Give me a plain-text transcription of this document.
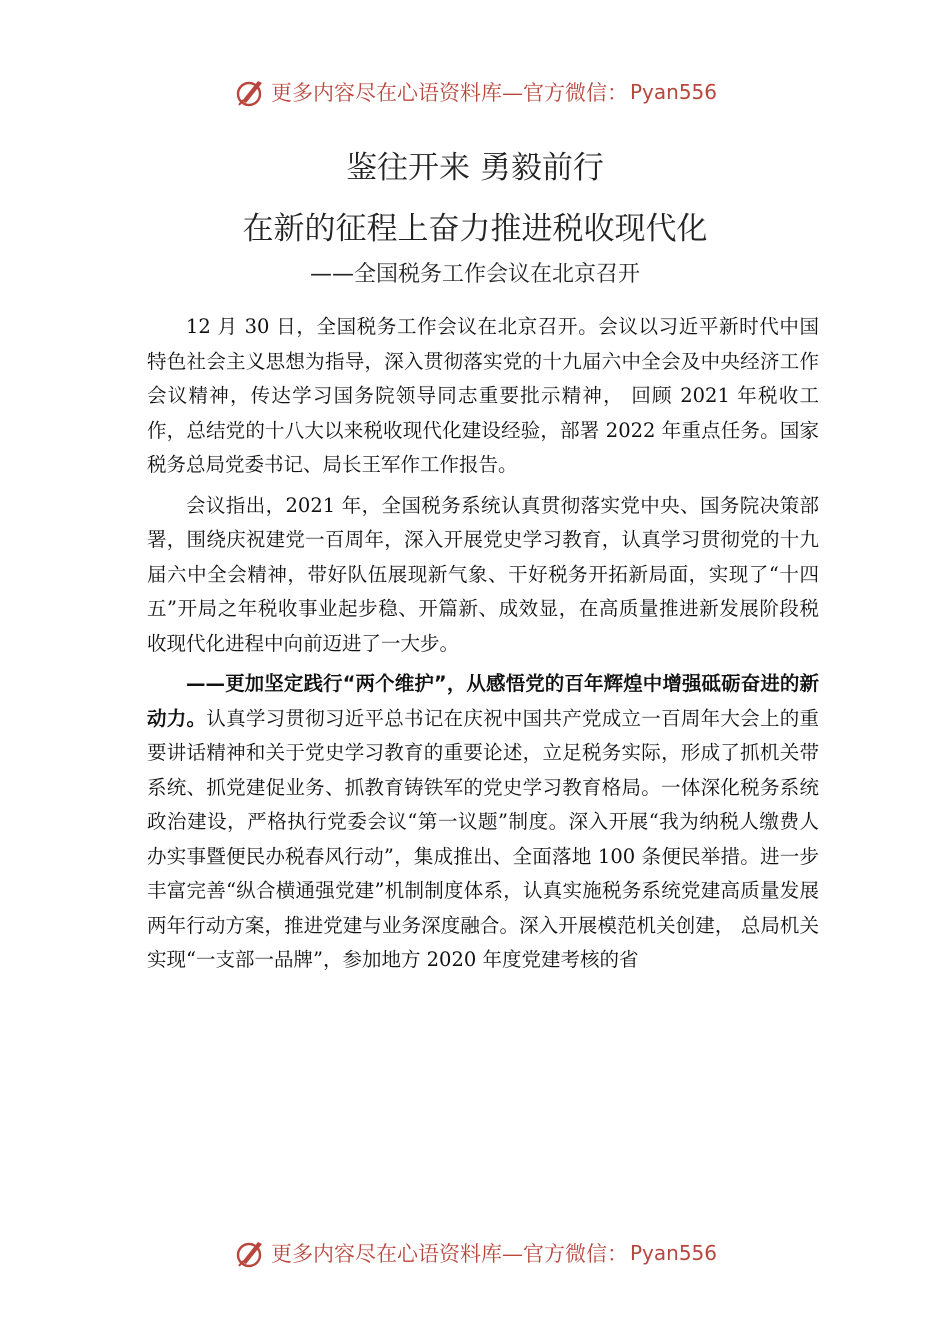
更多内容尽在心语资料库—官方微信： Pyan556
鉴往开来 勇毅前行
在新的征程上奋力推进税收现代化
——全国税务工作会议在北京召开

12 月 30 日，全国税务工作会议在北京召开。会议以习近平新时代中国特色社会主义思想为指导，深入贯彻落实党的十九届六中全会及中央经济工作会议精神，传达学习国务院领导同志重要批示精神， 回顾 2021 年税收工作，总结党的十八大以来税收现代化建设经验，部署 2022 年重点任务。国家税务总局党委书记、局长王军作工作报告。

会议指出，2021 年，全国税务系统认真贯彻落实党中央、国务院决策部署，围绕庆祝建党一百周年，深入开展党史学习教育，认真学习贯彻党的十九届六中全会精神，带好队伍展现新气象、干好税务开拓新局面，实现了“十四五”开局之年税收事业起步稳、开篇新、成效显，在高质量推进新发展阶段税收现代化进程中向前迈进了一大步。

——更加坚定践行“两个维护”，从感悟党的百年辉煌中增强砥砺奋进的新动力。认真学习贯彻习近平总书记在庆祝中国共产党成立一百周年大会上的重要讲话精神和关于党史学习教育的重要论述，立足税务实际，形成了抓机关带系统、抓党建促业务、抓教育铸铁军的党史学习教育格局。一体深化税务系统政治建设，严格执行党委会议“第一议题”制度。深入开展“我为纳税人缴费人办实事暨便民办税春风行动”，集成推出、全面落地 100 条便民举措。进一步丰富完善“纵合横通强党建”机制制度体系，认真实施税务系统党建高质量发展两年行动方案，推进党建与业务深度融合。深入开展模范机关创建， 总局机关实现“一支部一品牌”，参加地方 2020 年度党建考核的省

更多内容尽在心语资料库—官方微信： Pyan556
